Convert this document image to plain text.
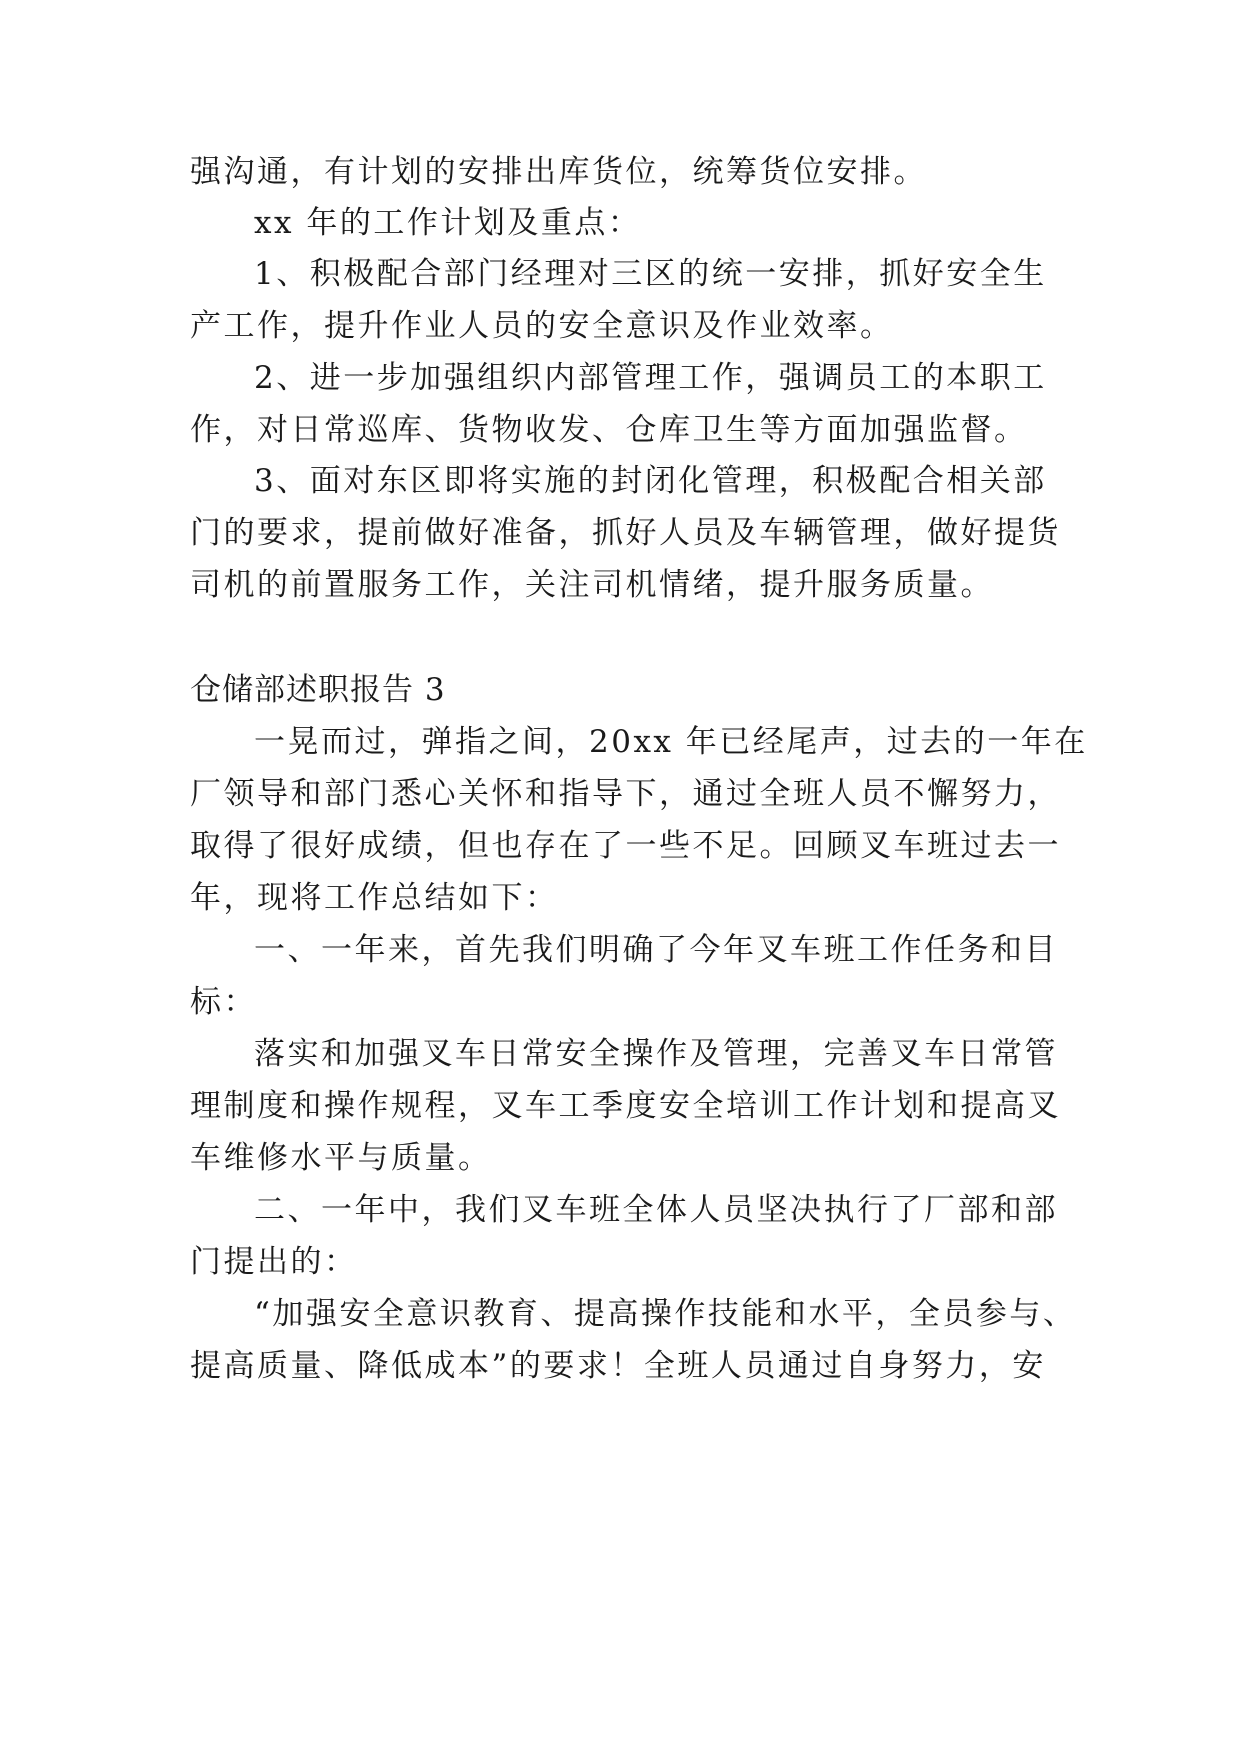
强沟通，有计划的安排出库货位，统筹货位安排。
xx 年的工作计划及重点：
1、积极配合部门经理对三区的统一安排，抓好安全生
产工作，提升作业人员的安全意识及作业效率。
2、进一步加强组织内部管理工作，强调员工的本职工
作，对日常巡库、货物收发、仓库卫生等方面加强监督。
3、面对东区即将实施的封闭化管理，积极配合相关部
门的要求，提前做好准备，抓好人员及车辆管理，做好提货
司机的前置服务工作，关注司机情绪，提升服务质量。
仓储部述职报告 3
一晃而过，弹指之间，20xx 年已经尾声，过去的一年在
厂领导和部门悉心关怀和指导下，通过全班人员不懈努力，
取得了很好成绩，但也存在了一些不足。回顾叉车班过去一
年，现将工作总结如下：
一、一年来，首先我们明确了今年叉车班工作任务和目
标：
落实和加强叉车日常安全操作及管理，完善叉车日常管
理制度和操作规程，叉车工季度安全培训工作计划和提高叉
车维修水平与质量。
二、一年中，我们叉车班全体人员坚决执行了厂部和部
门提出的：
“加强安全意识教育、提高操作技能和水平，全员参与、
提高质量、降低成本”的要求！全班人员通过自身努力，安
